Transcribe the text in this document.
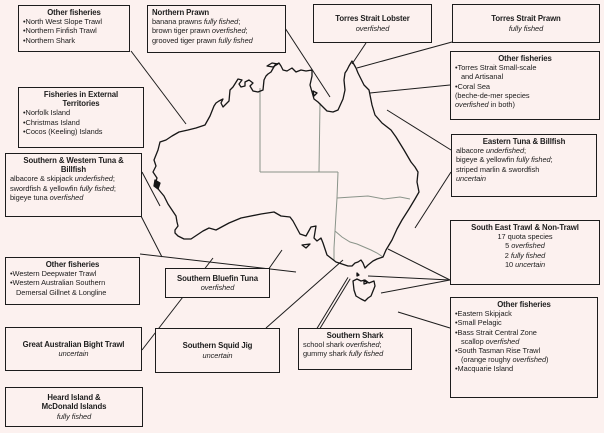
Other fisheries
•North West Slope Trawl
•Northern Finfish Trawl
•Northern Shark
Northern Prawn
banana prawns fully fished;
brown tiger prawn overfished;
grooved tiger prawn fully fished
Torres Strait Lobster
overfished
Torres Strait Prawn
fully fished
Other fisheries
•Torres Strait Small-scale
and Artisanal
•Coral Sea
(beche-de-mer species
overfished in both)
Fisheries in External
Territories
•Norfolk Island
•Christmas Island
•Cocos (Keeling) Islands
Southern & Western Tuna &
Billfish
albacore & skipjack underfished;
swordfish & yellowfin fully fished;
bigeye tuna overfished
Eastern Tuna & Billfish
albacore underfished;
bigeye & yellowfin fully fished;
striped marlin & swordfish
uncertain
South East Trawl & Non-Trawl
17 quota species
5 overfished
2 fully fished
10 uncertain
Other fisheries
•Western Deepwater Trawl
•Western Australian Southern
Demersal Gillnet & Longline
Southern Bluefin Tuna
overfished
Great Australian Bight Trawl
uncertain
Southern Squid Jig
uncertain
Southern Shark
school shark overfished;
gummy shark fully fished
Other fisheries
•Eastern Skipjack
•Small Pelagic
•Bass Strait Central Zone
scallop overfished
•South Tasman Rise Trawl
(orange roughy overfished)
•Macquarie Island
Heard Island &
McDonald Islands
fully fished
